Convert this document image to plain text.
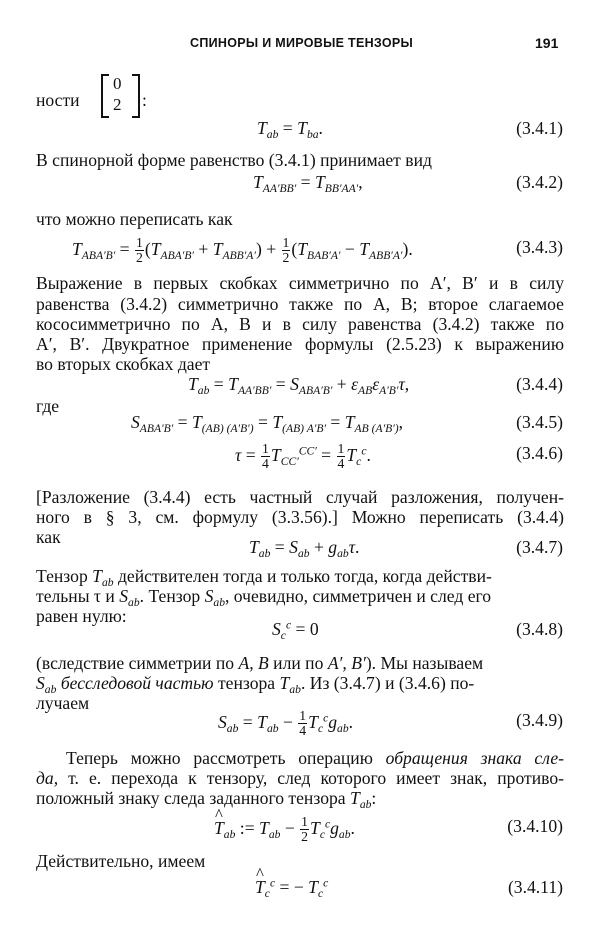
СПИНОРЫ И МИРОВЫЕ ТЕНЗОРЫ	191
ности
0
2 :
$T_{ab} = T_{ba}$.	(3.4.1)
В спинорной форме равенство (3.4.1) принимает вид
$T_{AA'BB'} = T_{BB'AA'}$,	(3.4.2)
что можно переписать как
$T_{ABA'B'} = \frac{1}{2} (T_{ABA'B'} + T_{ABB'A'}) + \frac{1}{2} (T_{BAB'A'} - T_{ABB'A'})$.	(3.4.3)
Выражение в первых скобках симметрично по A′, B′ и в силу
равенства (3.4.2) симметрично также по A, B; второе слагаемое
кососимметрично по A, B и в силу равенства (3.4.2) также по
A′, B′. Двукратное применение формулы (2.5.23) к выражению
во вторых скобках дает
$T_{ab} = T_{AA'BB'} = S_{ABA'B'} + \varepsilon_{AB}\varepsilon_{A'B'}\tau$,	(3.4.4)
где
$S_{ABA'B'} = T_{(AB) (A'B')} = T_{(AB) A'B'} = T_{AB (A'B')}$,	(3.4.5)
$\tau = \frac{1}{4} T_{CC'}^{CC'} = \frac{1}{4} T_c^c$.	(3.4.6)
[Разложение (3.4.4) есть частный случай разложения, получен-
ного в § 3, см. формулу (3.3.56).] Можно переписать (3.4.4)
как	$T_{ab} = S_{ab} + g_{ab}\tau$.	(3.4.7)
Тензор $T_{ab}$ действителен тогда и только тогда, когда действи-
тельны τ и $S_{ab}$. Тензор $S_{ab}$, очевидно, симметричен и след его
равен нулю:
$S_c^c = 0$	(3.4.8)
(вследствие симметрии по A, B или по A′, B′). Мы называем
$S_{ab}$ бесследовой частью тензора $T_{ab}$. Из (3.4.7) и (3.4.6) по-
лучаем
$S_{ab} = T_{ab} - \frac{1}{4} T_c^cg_{ab}$.	(3.4.9)
Теперь можно рассмотреть операцию обращения знака сле-
да, т. е. перехода к тензору, след которого имеет знак, противо-
положный знаку следа заданного тензора $T_{ab}$:
^ $T_{ab}$ := $T_{ab} - \frac{1}{2} T_c^cg_{ab}$.	(3.4.10)
Действительно, имеем
^ $T_c^c$ = − $T_c^c$	(3.4.11)
